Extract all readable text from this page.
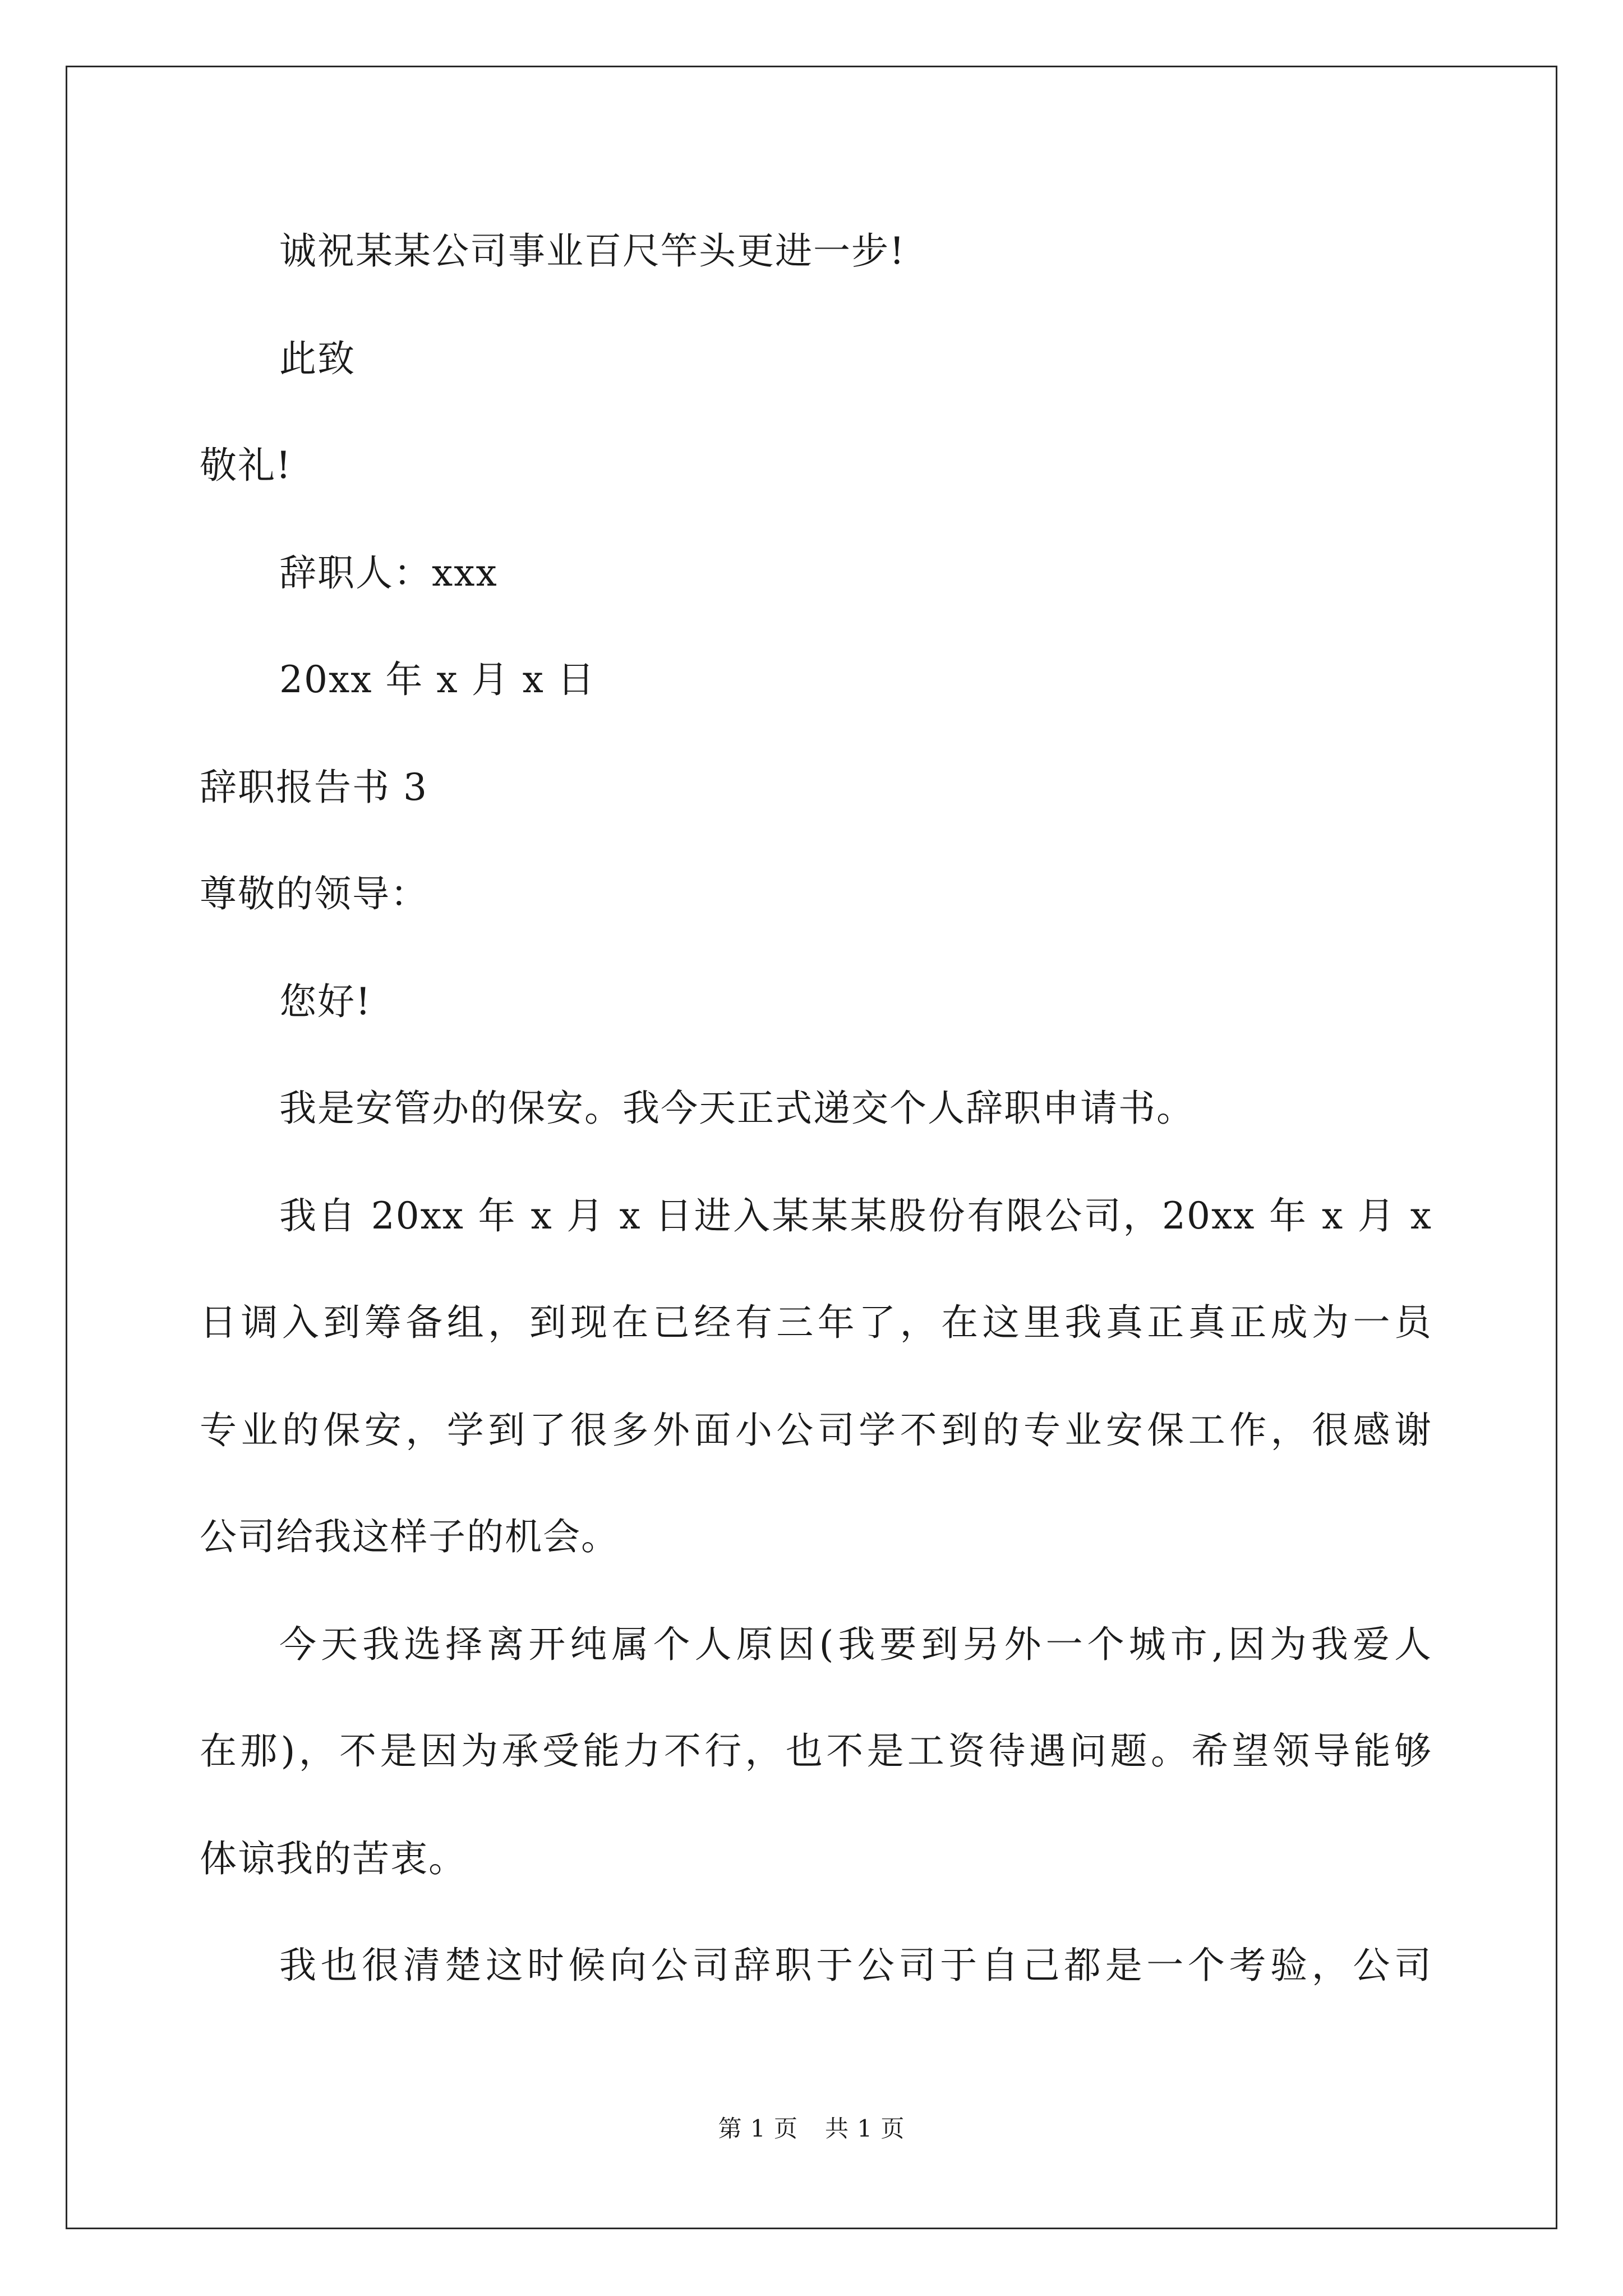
诚祝某某公司事业百尺竿头更进一步!
此致
敬礼!
辞职人：xxx
20xx 年 x 月 x 日
辞职报告书 3
尊敬的领导：
您好!
我是安管办的保安。我今天正式递交个人辞职申请书。
我自 20xx 年 x 月 x 日进入某某某股份有限公司，20xx 年 x 月 x
日调入到筹备组，到现在已经有三年了，在这里我真正真正成为一员
专业的保安，学到了很多外面小公司学不到的专业安保工作，很感谢
公司给我这样子的机会。
今天我选择离开纯属个人原因(我要到另外一个城市,因为我爱人
在那)，不是因为承受能力不行，也不是工资待遇问题。希望领导能够
体谅我的苦衷。
我也很清楚这时候向公司辞职于公司于自己都是一个考验，公司
第 1 页 共 1 页
